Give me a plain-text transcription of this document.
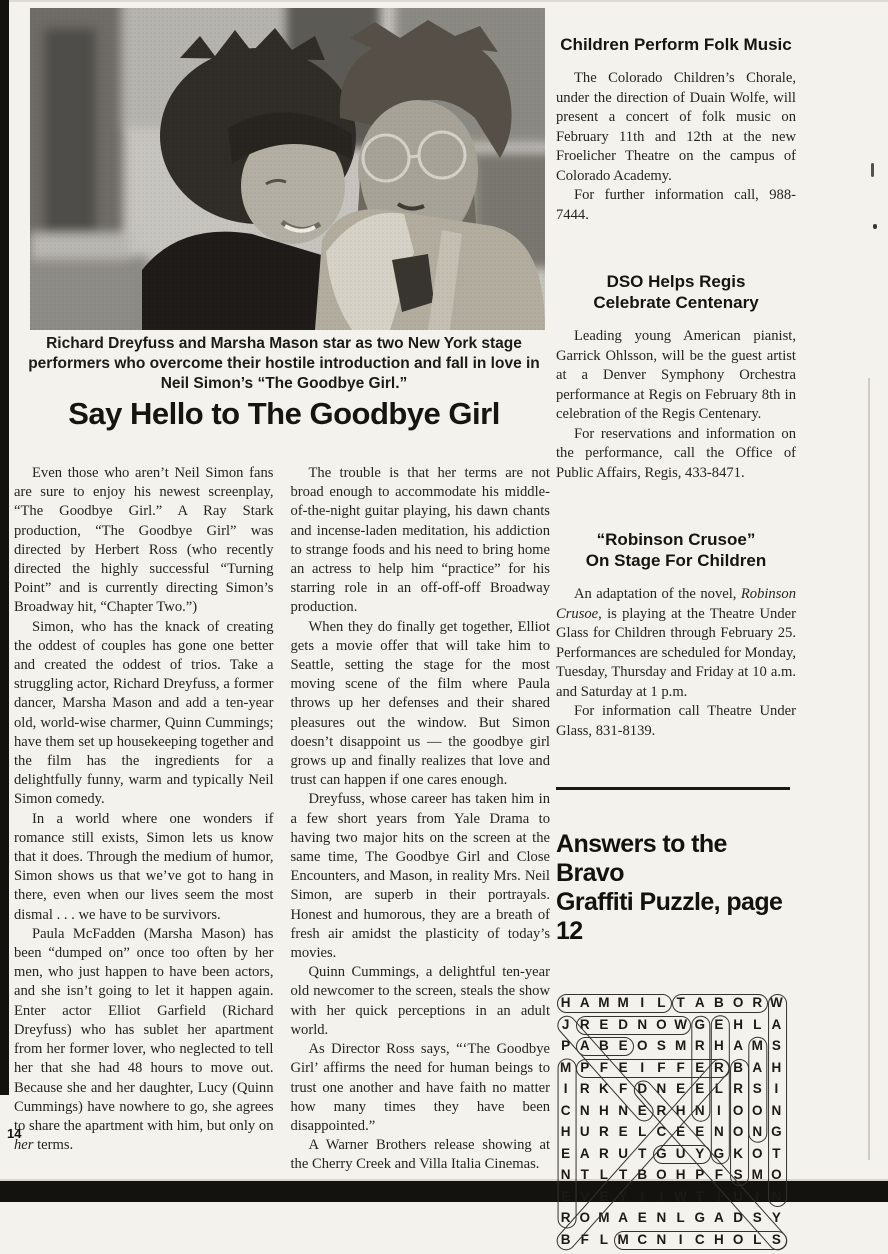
Richard Dreyfuss and Marsha Mason star as two New York stage performers who overcome their hostile introduction and fall in love in Neil Simon’s “The Goodbye Girl.”
Say Hello to The Goodbye Girl

Even those who aren’t Neil Simon fans are sure to enjoy his newest screenplay, “The Goodbye Girl.” A Ray Stark production, “The Goodbye Girl” was directed by Herbert Ross (who recently directed the highly successful “Turning Point” and is currently directing Simon’s Broadway hit, “Chapter Two.”)

Simon, who has the knack of creating the oddest of couples has gone one better and created the oddest of trios. Take a struggling actor, Richard Dreyfuss, a former dancer, Marsha Mason and add a ten-year old, world-wise charmer, Quinn Cummings; have them set up housekeeping together and the film has the ingredients for a delightfully funny, warm and typically Neil Simon comedy.

In a world where one wonders if romance still exists, Simon lets us know that it does. Through the medium of humor, Simon shows us that we’ve got to hang in there, even when our lives seem the most dismal . . . we have to be survivors.

Paula McFadden (Marsha Mason) has been “dumped on” once too often by her men, who just happen to have been actors, and she isn’t going to let it happen again. Enter actor Elliot Garfield (Richard Dreyfuss) who has sublet her apartment from her former lover, who neglected to tell her that she had 48 hours to move out. Because she and her daughter, Lucy (Quinn Cummings) have nowhere to go, she agrees to share the apartment with him, but only on her terms.

The trouble is that her terms are not broad enough to accommodate his middle-of-the-night guitar playing, his dawn chants and incense-laden meditation, his addiction to strange foods and his need to bring home an actress to help him “practice” for his starring role in an off-off-off Broadway production.

When they do finally get together, Elliot gets a movie offer that will take him to Seattle, setting the stage for the most moving scene of the film where Paula throws up her defenses and their shared pleasures out the window. But Simon doesn’t disappoint us — the goodbye girl grows up and finally realizes that love and trust can happen if one cares enough.

Dreyfuss, whose career has taken him in a few short years from Yale Drama to having two major hits on the screen at the same time, The Goodbye Girl and Close Encounters, and Mason, in reality Mrs. Neil Simon, are superb in their portrayals. Honest and humorous, they are a breath of fresh air amidst the plasticity of today’s movies.

Quinn Cummings, a delightful ten-year old newcomer to the screen, steals the show with her quick perceptions in an adult world.

As Director Ross says, “‘The Goodbye Girl’ affirms the need for human beings to trust one another and have faith no matter how many times they have been disappointed.”

A Warner Brothers release showing at the Cherry Creek and Villa Italia Cinemas.

Children Perform Folk Music

The Colorado Children’s Chorale, under the direction of Duain Wolfe, will present a concert of folk music on February 11th and 12th at the new Froelicher Theatre on the campus of Colorado Academy.

For further information call, 988-7444.

DSO Helps Regis

Celebrate Centenary

Leading young American pianist, Garrick Ohlsson, will be the guest artist at a Denver Symphony Orchestra performance at Regis on February 8th in celebration of the Regis Centenary.

For reservations and information on the performance, call the Office of Public Affairs, Regis, 433-8471.

“Robinson Crusoe”

On Stage For Children

An adaptation of the novel, Robinson Crusoe, is playing at the Theatre Under Glass for Children through February 25. Performances are scheduled for Monday, Tuesday, Thursday and Friday at 10 a.m. and Saturday at 1 p.m.

For information call Theatre Under Glass, 831-8139.

Answers to the Bravo
Graffiti Puzzle, page 12
H A M M I L T A B O R W
J R E D N O W G E H L A
P A B E O S M R H A M S
M P F E I F F E R B A H
I R K F D N E E L R S I
C N H N E R H N I O O N
H U R E L C E E N O N G
E A R U T G U Y G K O T
N T L T B O H P F S M O
E V E Y I	I W T I U I N
R O M A E N L G A D S Y
B F L M C N I C H O L S
14
